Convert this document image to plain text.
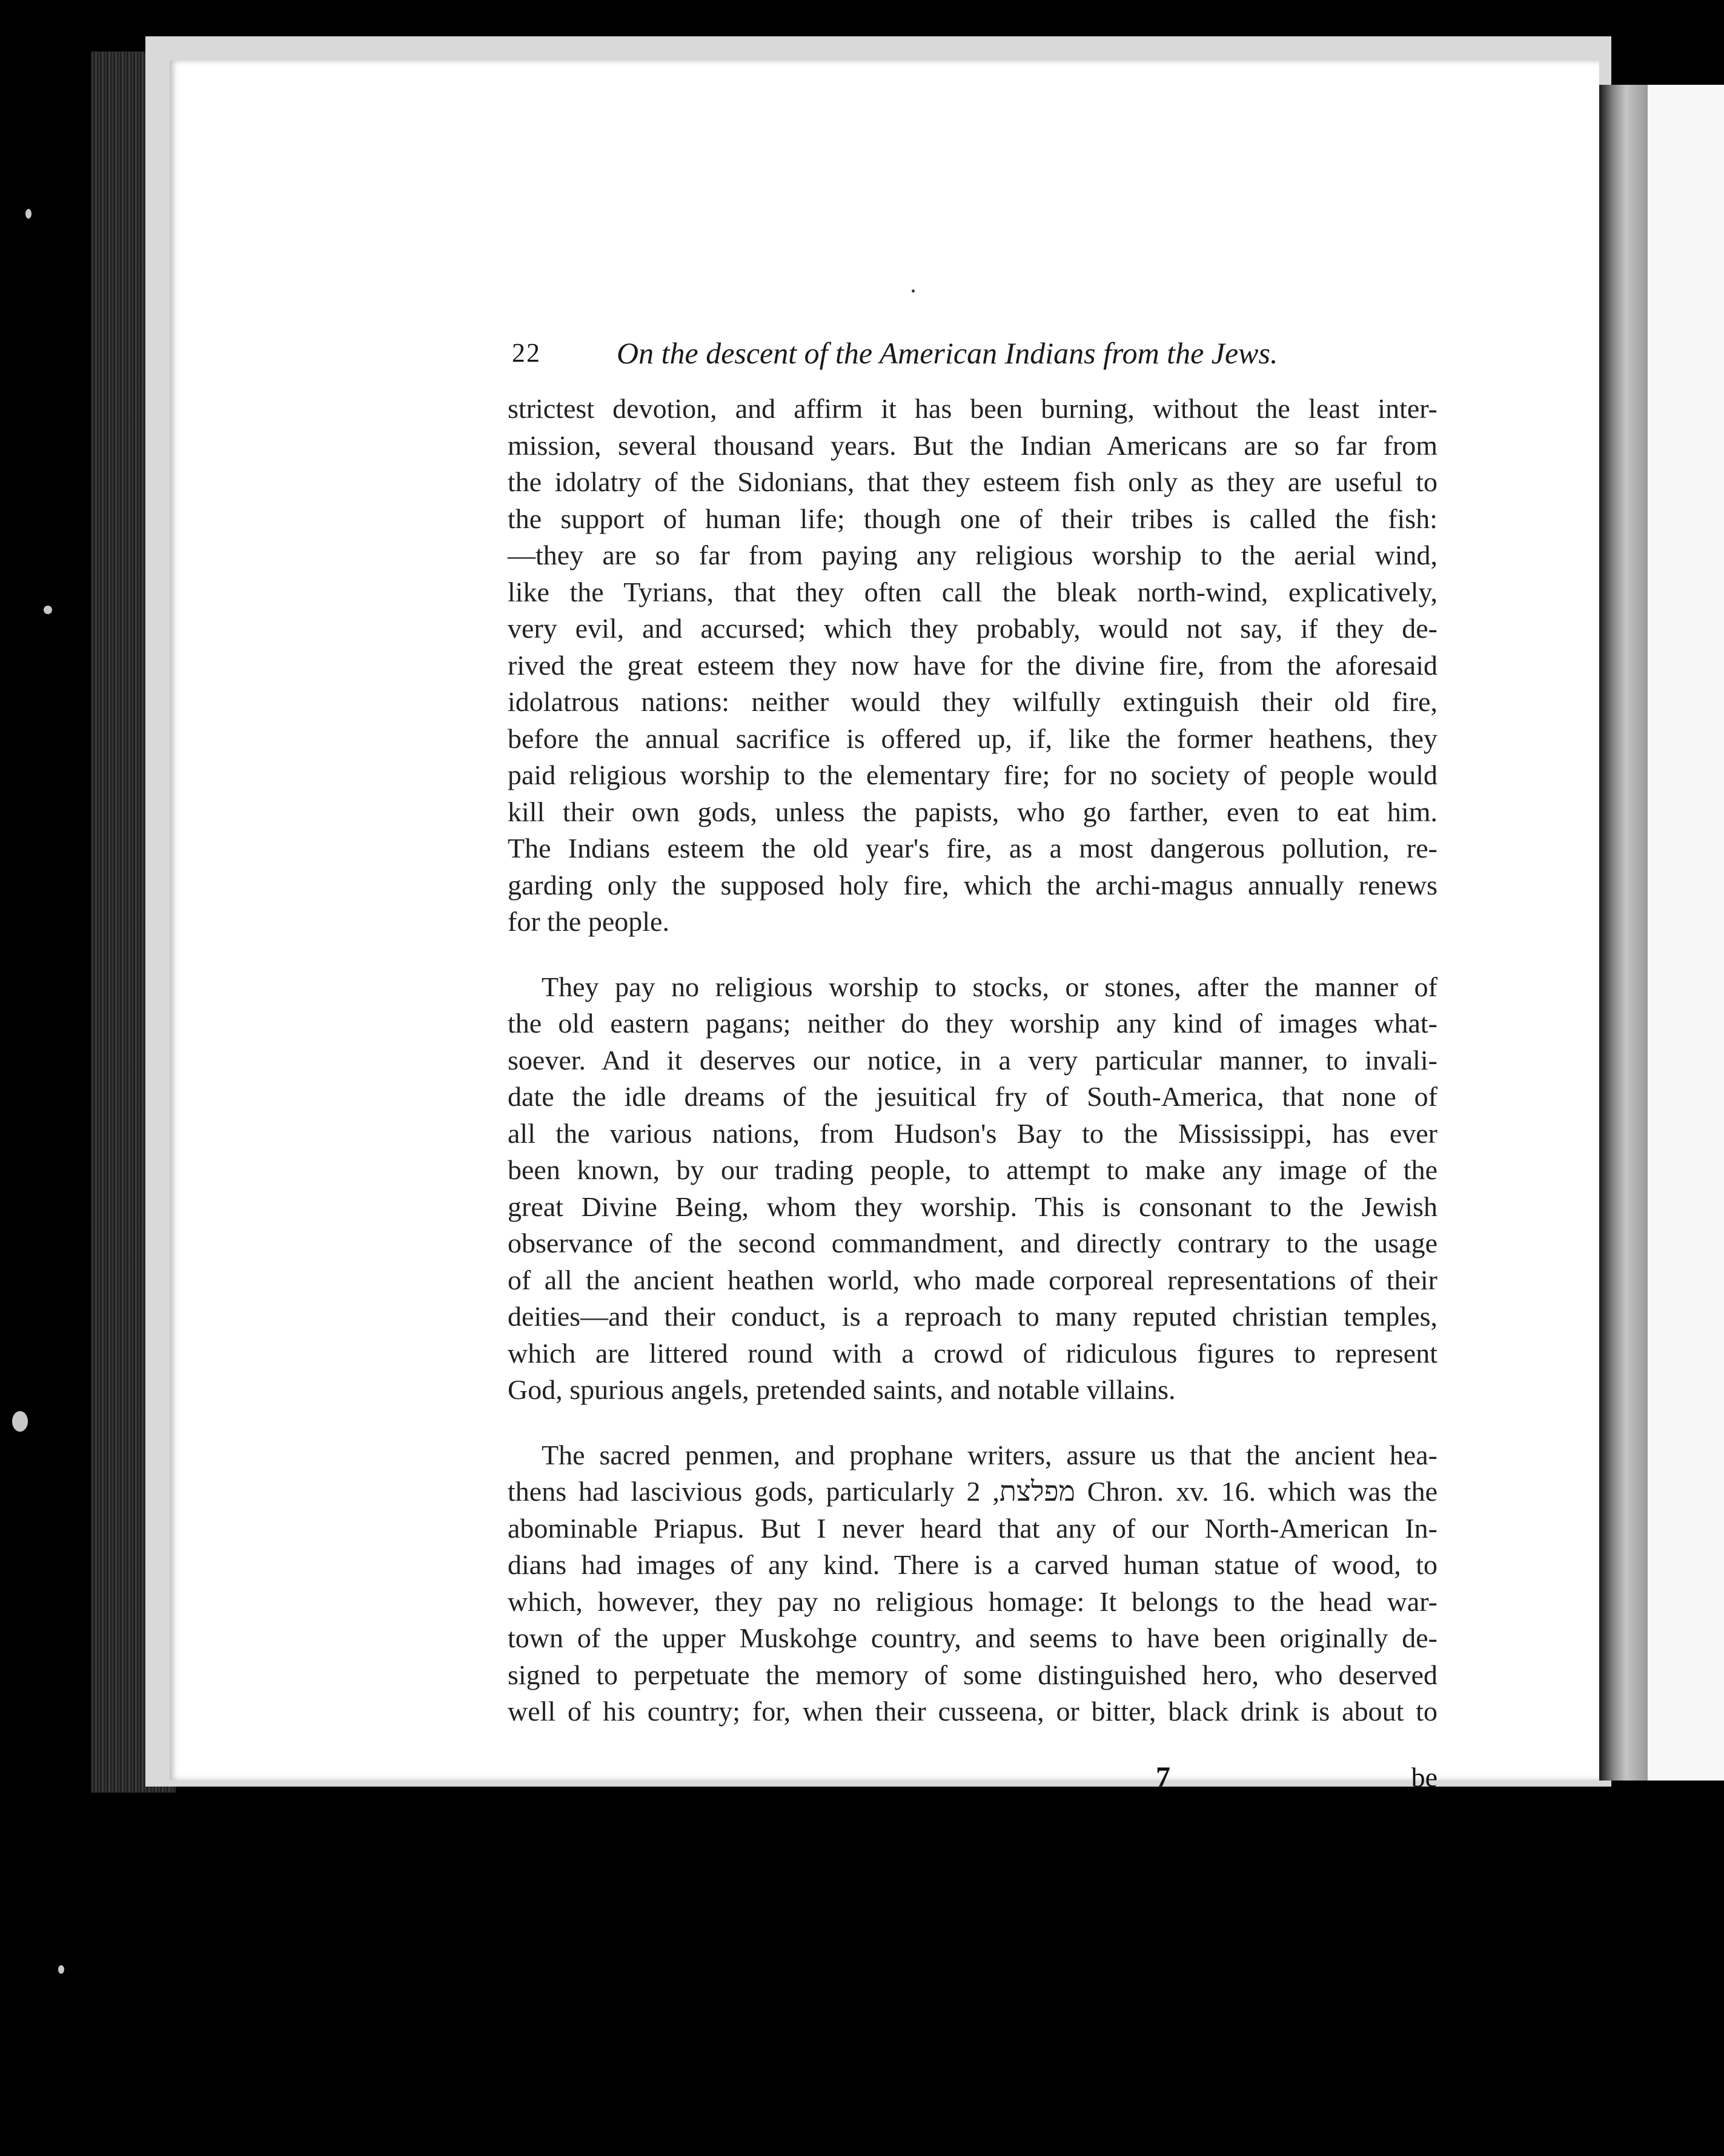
22	On the descent of the American Indians from the Jews.
strictest devotion, and affirm it has been burning, without the least inter-
mission, several thousand years. But the Indian Americans are so far from
the idolatry of the Sidonians, that they esteem fish only as they are useful to
the support of human life; though one of their tribes is called the fish:
—they are so far from paying any religious worship to the aerial wind,
like the Tyrians, that they often call the bleak north-wind, explicatively,
very evil, and accursed; which they probably, would not say, if they de-
rived the great esteem they now have for the divine fire, from the aforesaid
idolatrous nations: neither would they wilfully extinguish their old fire,
before the annual sacrifice is offered up, if, like the former heathens, they
paid religious worship to the elementary fire; for no society of people would
kill their own gods, unless the papists, who go farther, even to eat him.
The Indians esteem the old year's fire, as a most dangerous pollution, re-
garding only the supposed holy fire, which the archi-magus annually renews
for the people.
They pay no religious worship to stocks, or stones, after the manner of
the old eastern pagans; neither do they worship any kind of images what-
soever. And it deserves our notice, in a very particular manner, to invali-
date the idle dreams of the jesuitical fry of South-America, that none of
all the various nations, from Hudson's Bay to the Mississippi, has ever
been known, by our trading people, to attempt to make any image of the
great Divine Being, whom they worship. This is consonant to the Jewish
observance of the second commandment, and directly contrary to the usage
of all the ancient heathen world, who made corporeal representations of their
deities—and their conduct, is a reproach to many reputed christian temples,
which are littered round with a crowd of ridiculous figures to represent
God, spurious angels, pretended saints, and notable villains.
The sacred penmen, and prophane writers, assure us that the ancient hea-
thens had lascivious gods, particularly מפלצת, 2 Chron. xv. 16. which was the
abominable Priapus. But I never heard that any of our North-American In-
dians had images of any kind. There is a carved human statue of wood, to
which, however, they pay no religious homage: It belongs to the head war-
town of the upper Muskohge country, and seems to have been originally de-
signed to perpetuate the memory of some distinguished hero, who deserved
well of his country; for, when their cusseena, or bitter, black drink is about to
7	be
